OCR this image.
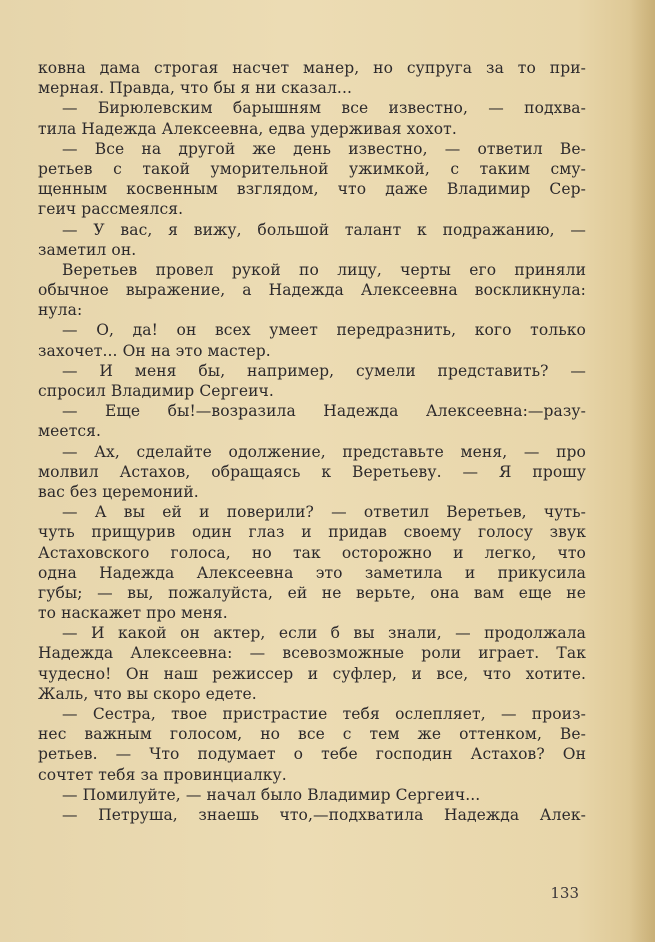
ковна дама строгая насчет манер, но супруга за то при-
мерная. Правда, что бы я ни сказал...
— Бирюлевским барышням все известно, — подхва-
тила Надежда Алексеевна, едва удерживая хохот.
— Все на другой же день известно, — ответил Ве-
ретьев с такой уморительной ужимкой, с таким сму-
щенным косвенным взглядом, что даже Владимир Сер-
геич рассмеялся.
— У вас, я вижу, большой талант к подражанию, —
заметил он.
Веретьев провел рукой по лицу, черты его приняли
обычное выражение, а Надежда Алексеевна воскликнула:
нула:
— О, да! он всех умеет передразнить, кого только
захочет... Он на это мастер.
— И меня бы, например, сумели представить? —
спросил Владимир Сергеич.
— Еще бы!—возразила Надежда Алексеевна:—разу-
меется.
— Ах, сделайте одолжение, представьте меня, — про
молвил Астахов, обращаясь к Веретьеву. — Я прошу
вас без церемоний.
— А вы ей и поверили? — ответил Веретьев, чуть-
чуть прищурив один глаз и придав своему голосу звук
Астаховского голоса, но так осторожно и легко, что
одна Надежда Алексеевна это заметила и прикусила
губы; — вы, пожалуйста, ей не верьте, она вам еще не
то наскажет про меня.
— И какой он актер, если б вы знали, — продолжала
Надежда Алексеевна: — всевозможные роли играет. Так
чудесно! Он наш режиссер и суфлер, и все, что хотите.
Жаль, что вы скоро едете.
— Сестра, твое пристрастие тебя ослепляет, — произ-
нес важным голосом, но все с тем же оттенком, Ве-
ретьев. — Что подумает о тебе господин Астахов? Он
сочтет тебя за провинциалку.
— Помилуйте, — начал было Владимир Сергеич...
— Петруша, знаешь что,—подхватила Надежда Алек-
133
